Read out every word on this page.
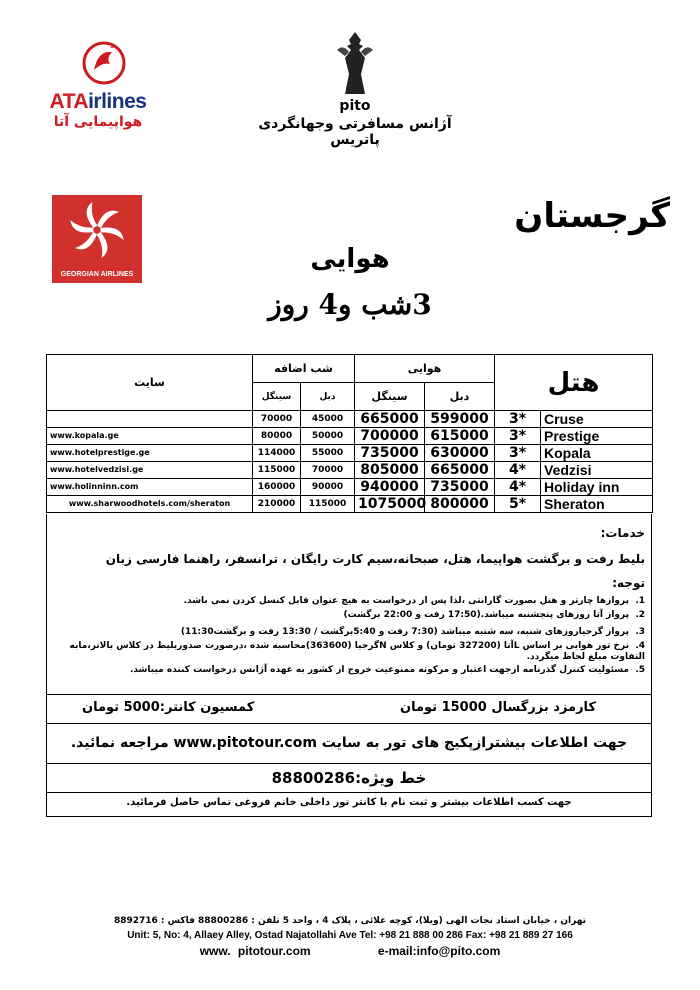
ATAirlines
هواپیمایی آتا
pito
آژانس مسافرتی وجهانگردی پاتریس
GEORGIAN AIRLINES
گرجستان
هوایی
3شب و4 روز
سایت	شب اضافه		هوایی		هتل	
	سینگل	دبل	سینگل	دبل		
	70000	45000	665000	599000	3*	Cruse
www.kopala.ge	80000	50000	700000	615000	3*	Prestige
www.hotelprestige.ge	114000	55000	735000	630000	3*	Kopala
www.hotelvedzisi.ge	115000	70000	805000	665000	4*	Vedzisi
www.holinninn.com	160000	90000	940000	735000	4*	Holiday inn
www.sharwoodhotels.com/sheraton	210000	115000	1075000	800000	5*	Sheraton
خدمات:
بلیط رفت و برگشت هواپیما، هتل، صبحانه،سیم کارت رایگان ، ترانسفر، راهنما فارسی زبان
توجه:
1.پروازها چارتر و هتل بصورت گارانتی ،لذا پس از درخواست به هیچ عنوان قابل کنسل کردن نمی باشد.
2.پرواز آتا روزهای پنجشنبه میباشد.(17:50 رفت و 22:00 برگشت)
3.پرواز گرجیاروزهای شنبه، سه شنبه میباشد (7:30 رفت و 5:40برگشت / 13:30 رفت و برگشت11:30)
4.نرخ تور هوایی بر اساس Lآتا (327200 تومان) و کلاس Nگرجیا (363600)محاسبه شده ،درصورت صدوربلیط در کلاس بالاتر،مابه التفاوت مبلغ لحاظ میگردد.
5.مسئولیت کنترل گذرنامه ازجهت اعتبار و مرکونه ممنوعیت خروج از کشور به عهده آژانس درخواست کننده میباشد.
کارمزد بزرگسال 15000 تومان
کمسیون کانتر:5000 تومان
جهت اطلاعات بیشترازپکیج های تور به سایت www.pitotour.com مراجعه نمائید.
خط ویژه:88800286
جهت کسب اطلاعات بیشتر و ثبت نام با کانتر تور داخلی خانم فروغی تماس حاصل فرمائید.
تهران ، خیابان استاد نجات الهی (ویلا)، کوچه علائی ، پلاک 4 ، واحد 5 تلفن : 88800286 فاکس : 8892716
Unit: 5, No: 4, Allaey Alley, Ostad Najatollahi Ave Tel: +98 21 888 00 286 Fax: +98 21 889 27 166
www. pitotour.com	e-mail:info@pito.com
